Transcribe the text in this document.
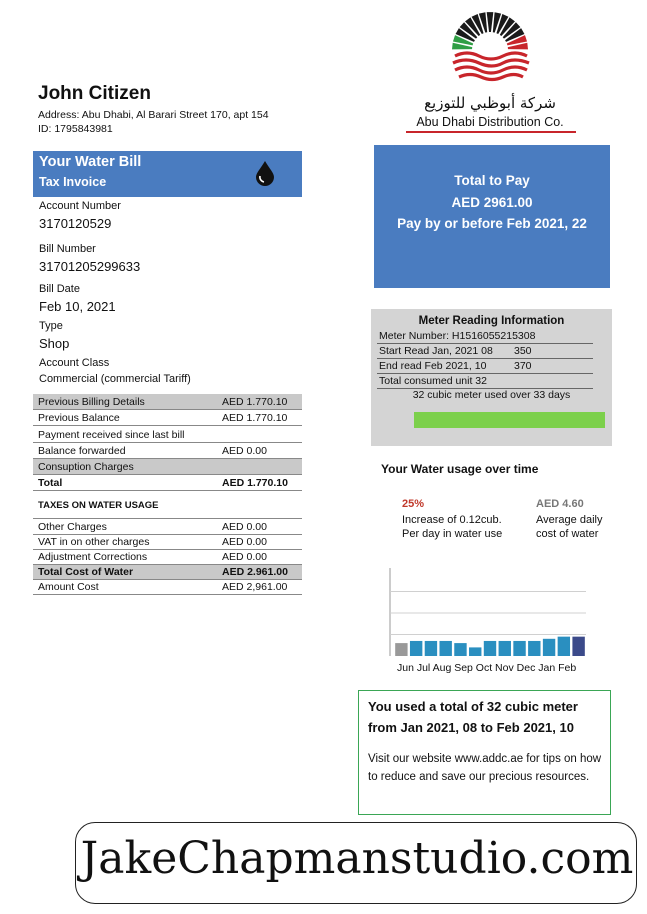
John Citizen
Address: Abu Dhabi, Al Barari Street 170, apt 154
ID: 1795843981
شركة أبوظبي للتوزيع
Abu Dhabi Distribution Co.
Your Water Bill
Tax Invoice
Account Number
3170120529
Bill Number
31701205299633
Bill Date
Feb 10, 2021
Type
Shop
Account Class
Commercial (commercial Tariff)
Previous Billing Details	AED 1.770.10
Previous Balance	AED 1.770.10
Payment received since last bill
Balance forwarded	AED 0.00
Consuption Charges
Total	AED 1.770.10
TAXES ON WATER USAGE
Other Charges	AED 0.00
VAT in on other charges	AED 0.00
Adjustment Corrections	AED 0.00
Total Cost of Water	AED 2.961.00
Amount Cost	AED 2,961.00
Total to Pay
AED 2961.00
Pay by or before Feb 2021, 22
Meter Reading Information
Meter Number: H1516055215308
Start Read Jan, 2021 08 350
End read Feb 2021, 10	370
Total consumed unit 32
32 cubic meter used over 33 days
Your Water usage over time
25%
Increase of 0.12cub.
Per day in water use
AED 4.60
Average daily cost of water
Jun Jul Aug Sep Oct Nov Dec Jan Feb
You used a total of 32 cubic meter
from Jan 2021, 08 to Feb 2021, 10
Visit our website www.addc.ae for tips on how to reduce and save our precious resources.
JakeChapmanstudio.com
